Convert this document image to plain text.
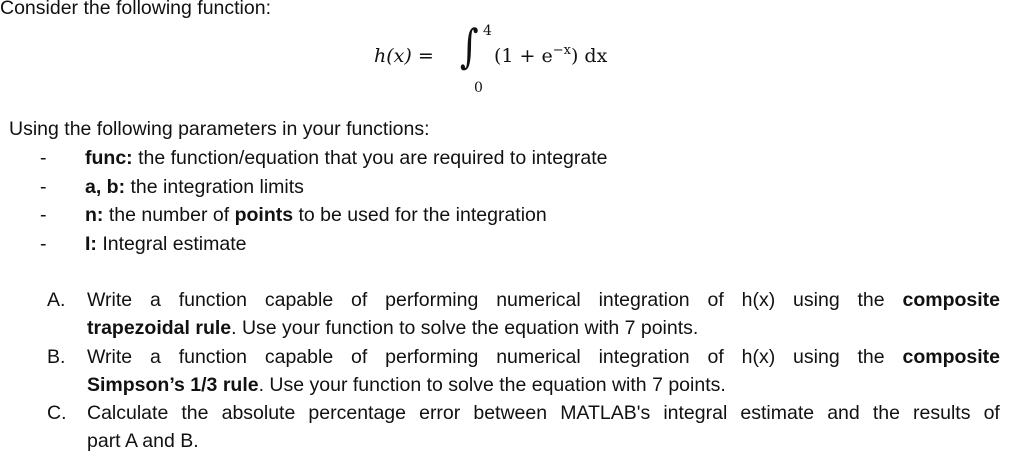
Consider the following function:

h(x) = ∫ 4
0
$(1 + e^{-x})$ dx

Using the following parameters in your functions:

- func: the function/equation that you are required to integrate
- a, b: the integration limits
- n: the number of points to be used for the integration
- I: Integral estimate
A. Write a function capable of performing numerical integration of h(x) using the composite
trapezoidal rule. Use your function to solve the equation with 7 points.
B. Write a function capable of performing numerical integration of h(x) using the composite
Simpson’s 1/3 rule. Use your function to solve the equation with 7 points.
C. Calculate the absolute percentage error between MATLAB's integral estimate and the results of
part A and B.
